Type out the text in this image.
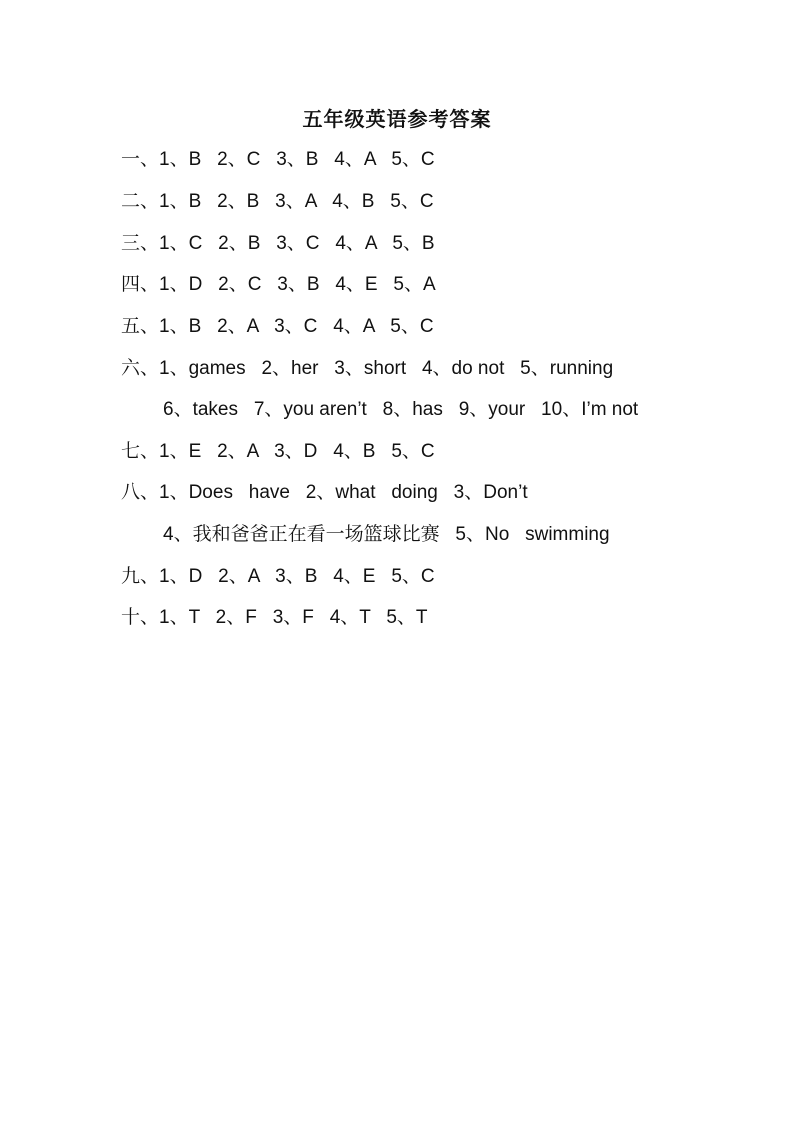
五年级英语参考答案
一、1、B   2、C   3、B   4、A   5、C
二、1、B   2、B   3、A   4、B   5、C
三、1、C   2、B   3、C   4、A   5、B
四、1、D   2、C   3、B   4、E   5、A
五、1、B   2、A   3、C   4、A   5、C
六、1、games   2、her   3、short   4、do not   5、running
6、takes   7、you aren’t   8、has   9、your   10、I’m not
七、1、E   2、A   3、D   4、B   5、C
八、1、Does   have   2、what   doing   3、Don’t
4、我和爸爸正在看一场篮球比赛   5、No   swimming
九、1、D   2、A   3、B   4、E   5、C
十、1、T   2、F   3、F   4、T   5、T
